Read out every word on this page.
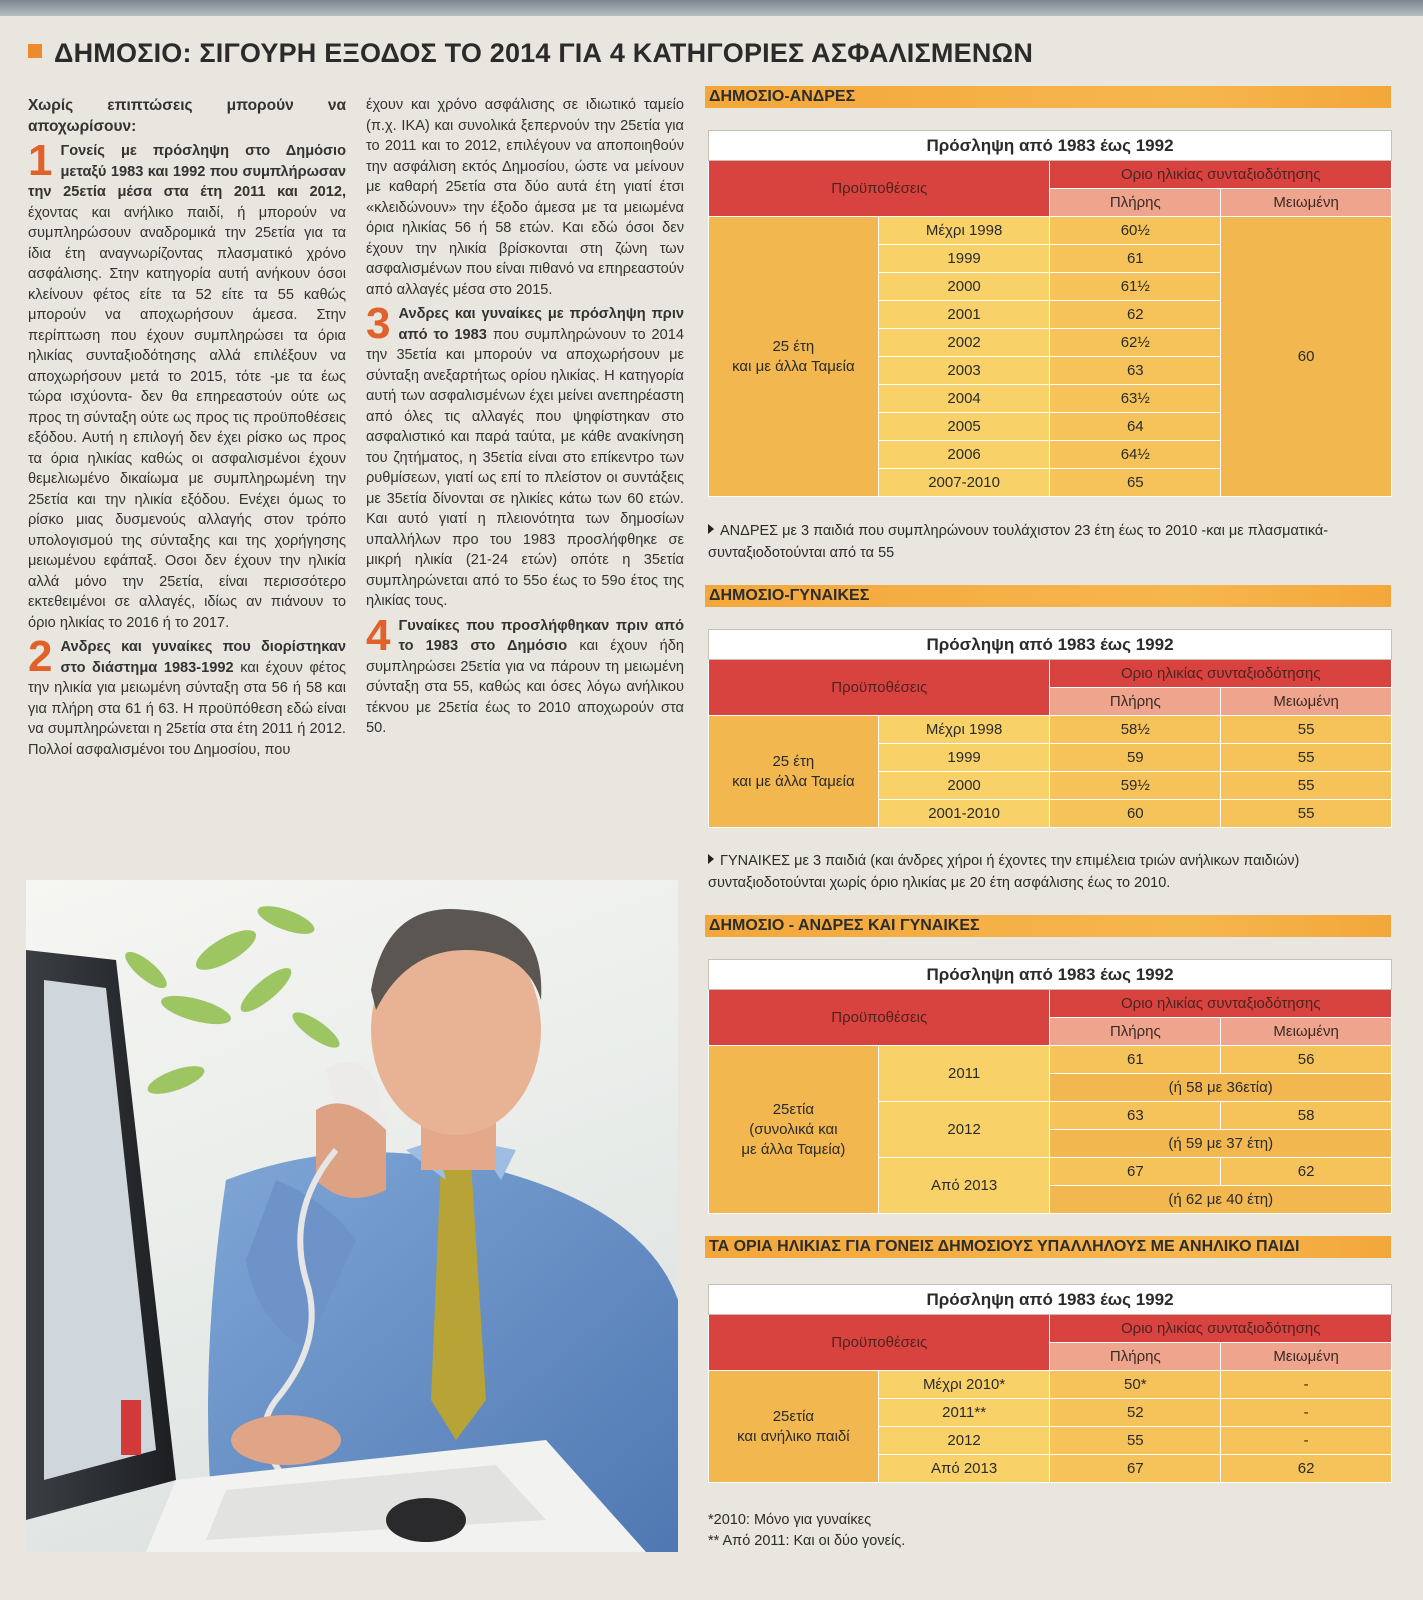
ΔΗΜΟΣΙΟ: ΣΙΓΟΥΡΗ ΕΞΟΔΟΣ ΤΟ 2014 ΓΙΑ 4 ΚΑΤΗΓΟΡΙΕΣ ΑΣΦΑΛΙΣΜΕΝΩΝ

Χωρίς επιπτώσεις μπορούν να αποχωρίσουν:

1 Γονείς με πρόσληψη στο Δημόσιο μεταξύ 1983 και 1992 που συμπλήρωσαν την 25ετία μέσα στα έτη 2011 και 2012, έχοντας και ανήλικο παιδί, ή μπορούν να συμπληρώσουν αναδρομικά την 25ετία για τα ίδια έτη αναγνωρίζοντας πλασματικό χρόνο ασφάλισης. Στην κατηγορία αυτή ανήκουν όσοι κλείνουν φέτος είτε τα 52 είτε τα 55 καθώς μπορούν να αποχωρήσουν άμεσα. Στην περίπτωση που έχουν συμπληρώσει τα όρια ηλικίας συνταξιοδότησης αλλά επιλέξουν να αποχωρήσουν μετά το 2015, τότε -με τα έως τώρα ισχύοντα- δεν θα επηρεαστούν ούτε ως προς τη σύνταξη ούτε ως προς τις προϋποθέσεις εξόδου. Αυτή η επιλογή δεν έχει ρίσκο ως προς τα όρια ηλικίας καθώς οι ασφαλισμένοι έχουν θεμελιωμένο δικαίωμα με συμπληρωμένη την 25ετία και την ηλικία εξόδου. Ενέχει όμως το ρίσκο μιας δυσμενούς αλλαγής στον τρόπο υπολογισμού της σύνταξης και της χορήγησης μειωμένου εφάπαξ. Οσοι δεν έχουν την ηλικία αλλά μόνο την 25ετία, είναι περισσότερο εκτεθειμένοι σε αλλαγές, ιδίως αν πιάνουν το όριο ηλικίας το 2016 ή το 2017.

2 Ανδρες και γυναίκες που διορίστηκαν στο διάστημα 1983-1992 και έχουν φέτος την ηλικία για μειωμένη σύνταξη στα 56 ή 58 και για πλήρη στα 61 ή 63. Η προϋπόθεση εδώ είναι να συμπληρώνεται η 25ετία στα έτη 2011 ή 2012. Πολλοί ασφαλισμένοι του Δημοσίου, που

έχουν και χρόνο ασφάλισης σε ιδιωτικό ταμείο (π.χ. ΙΚΑ) και συνολικά ξεπερνούν την 25ετία για το 2011 και το 2012, επιλέγουν να αποποιηθούν την ασφάλιση εκτός Δημοσίου, ώστε να μείνουν με καθαρή 25ετία στα δύο αυτά έτη γιατί έτσι «κλειδώνουν» την έξοδο άμεσα με τα μειωμένα όρια ηλικίας 56 ή 58 ετών. Και εδώ όσοι δεν έχουν την ηλικία βρίσκονται στη ζώνη των ασφαλισμένων που είναι πιθανό να επηρεαστούν από αλλαγές μέσα στο 2015.

3 Ανδρες και γυναίκες με πρόσληψη πριν από το 1983 που συμπληρώνουν το 2014 την 35ετία και μπορούν να αποχωρήσουν με σύνταξη ανεξαρτήτως ορίου ηλικίας. Η κατηγορία αυτή των ασφαλισμένων έχει μείνει ανεπηρέαστη από όλες τις αλλαγές που ψηφίστηκαν στο ασφαλιστικό και παρά ταύτα, με κάθε ανακίνηση του ζητήματος, η 35ετία είναι στο επίκεντρο των ρυθμίσεων, γιατί ως επί το πλείστον οι συντάξεις με 35ετία δίνονται σε ηλικίες κάτω των 60 ετών. Και αυτό γιατί η πλειονότητα των δημοσίων υπαλλήλων προ του 1983 προσλήφθηκε σε μικρή ηλικία (21-24 ετών) οπότε η 35ετία συμπληρώνεται από το 55ο έως το 59ο έτος της ηλικίας τους.

4 Γυναίκες που προσλήφθηκαν πριν από το 1983 στο Δημόσιο και έχουν ήδη συμπληρώσει 25ετία για να πάρουν τη μειωμένη σύνταξη στα 55, καθώς και όσες λόγω ανήλικου τέκνου με 25ετία έως το 2010 αποχωρούν στα 50.

ΔΗΜΟΣΙΟ-ΑΝΔΡΕΣ
Πρόσληψη από 1983 έως 1992			
Προϋποθέσεις		Οριο ηλικίας συνταξιοδότησης	
		Πλήρης	Μειωμένη
25 έτη
και με άλλα Ταμεία	Μέχρι 1998	60½	60
	1999	61	
	2000	61½	
	2001	62	
	2002	62½	
	2003	63	
	2004	63½	
	2005	64	
	2006	64½	
	2007-2010	65	
ΑΝΔΡΕΣ με 3 παιδιά που συμπληρώνουν τουλάχιστον 23 έτη έως το 2010 -και με πλασματικά- συνταξιοδοτούνται από τα 55
ΔΗΜΟΣΙΟ-ΓΥΝΑΙΚΕΣ
Πρόσληψη από 1983 έως 1992			
Προϋποθέσεις		Οριο ηλικίας συνταξιοδότησης	
		Πλήρης	Μειωμένη
25 έτη
και με άλλα Ταμεία	Μέχρι 1998	58½	55
	1999	59	55
	2000	59½	55
	2001-2010	60	55
ΓΥΝΑΙΚΕΣ με 3 παιδιά (και άνδρες χήροι ή έχοντες την επιμέλεια τριών ανήλικων παιδιών) συνταξιοδοτούνται χωρίς όριο ηλικίας με 20 έτη ασφάλισης έως το 2010.
ΔΗΜΟΣΙΟ - ΑΝΔΡΕΣ ΚΑΙ ΓΥΝΑΙΚΕΣ
Πρόσληψη από 1983 έως 1992			
Προϋποθέσεις		Οριο ηλικίας συνταξιοδότησης	
		Πλήρης	Μειωμένη
25ετία
(συνολικά και
με άλλα Ταμεία)	2011	61	56
		(ή 58 με 36ετία)	
	2012	63	58
		(ή 59 με 37 έτη)	
	Από 2013	67	62
		(ή 62 με 40 έτη)	
ΤΑ ΟΡΙΑ ΗΛΙΚΙΑΣ ΓΙΑ ΓΟΝΕΙΣ ΔΗΜΟΣΙΟΥΣ ΥΠΑΛΛΗΛΟΥΣ ΜΕ ΑΝΗΛΙΚΟ ΠΑΙΔΙ
Πρόσληψη από 1983 έως 1992			
Προϋποθέσεις		Οριο ηλικίας συνταξιοδότησης	
		Πλήρης	Μειωμένη
25ετία
και ανήλικο παιδί	Μέχρι 2010*	50*	-
	2011**	52	-
	2012	55	-
	Από 2013	67	62
*2010: Μόνο για γυναίκες
** Από 2011: Και οι δύο γονείς.
